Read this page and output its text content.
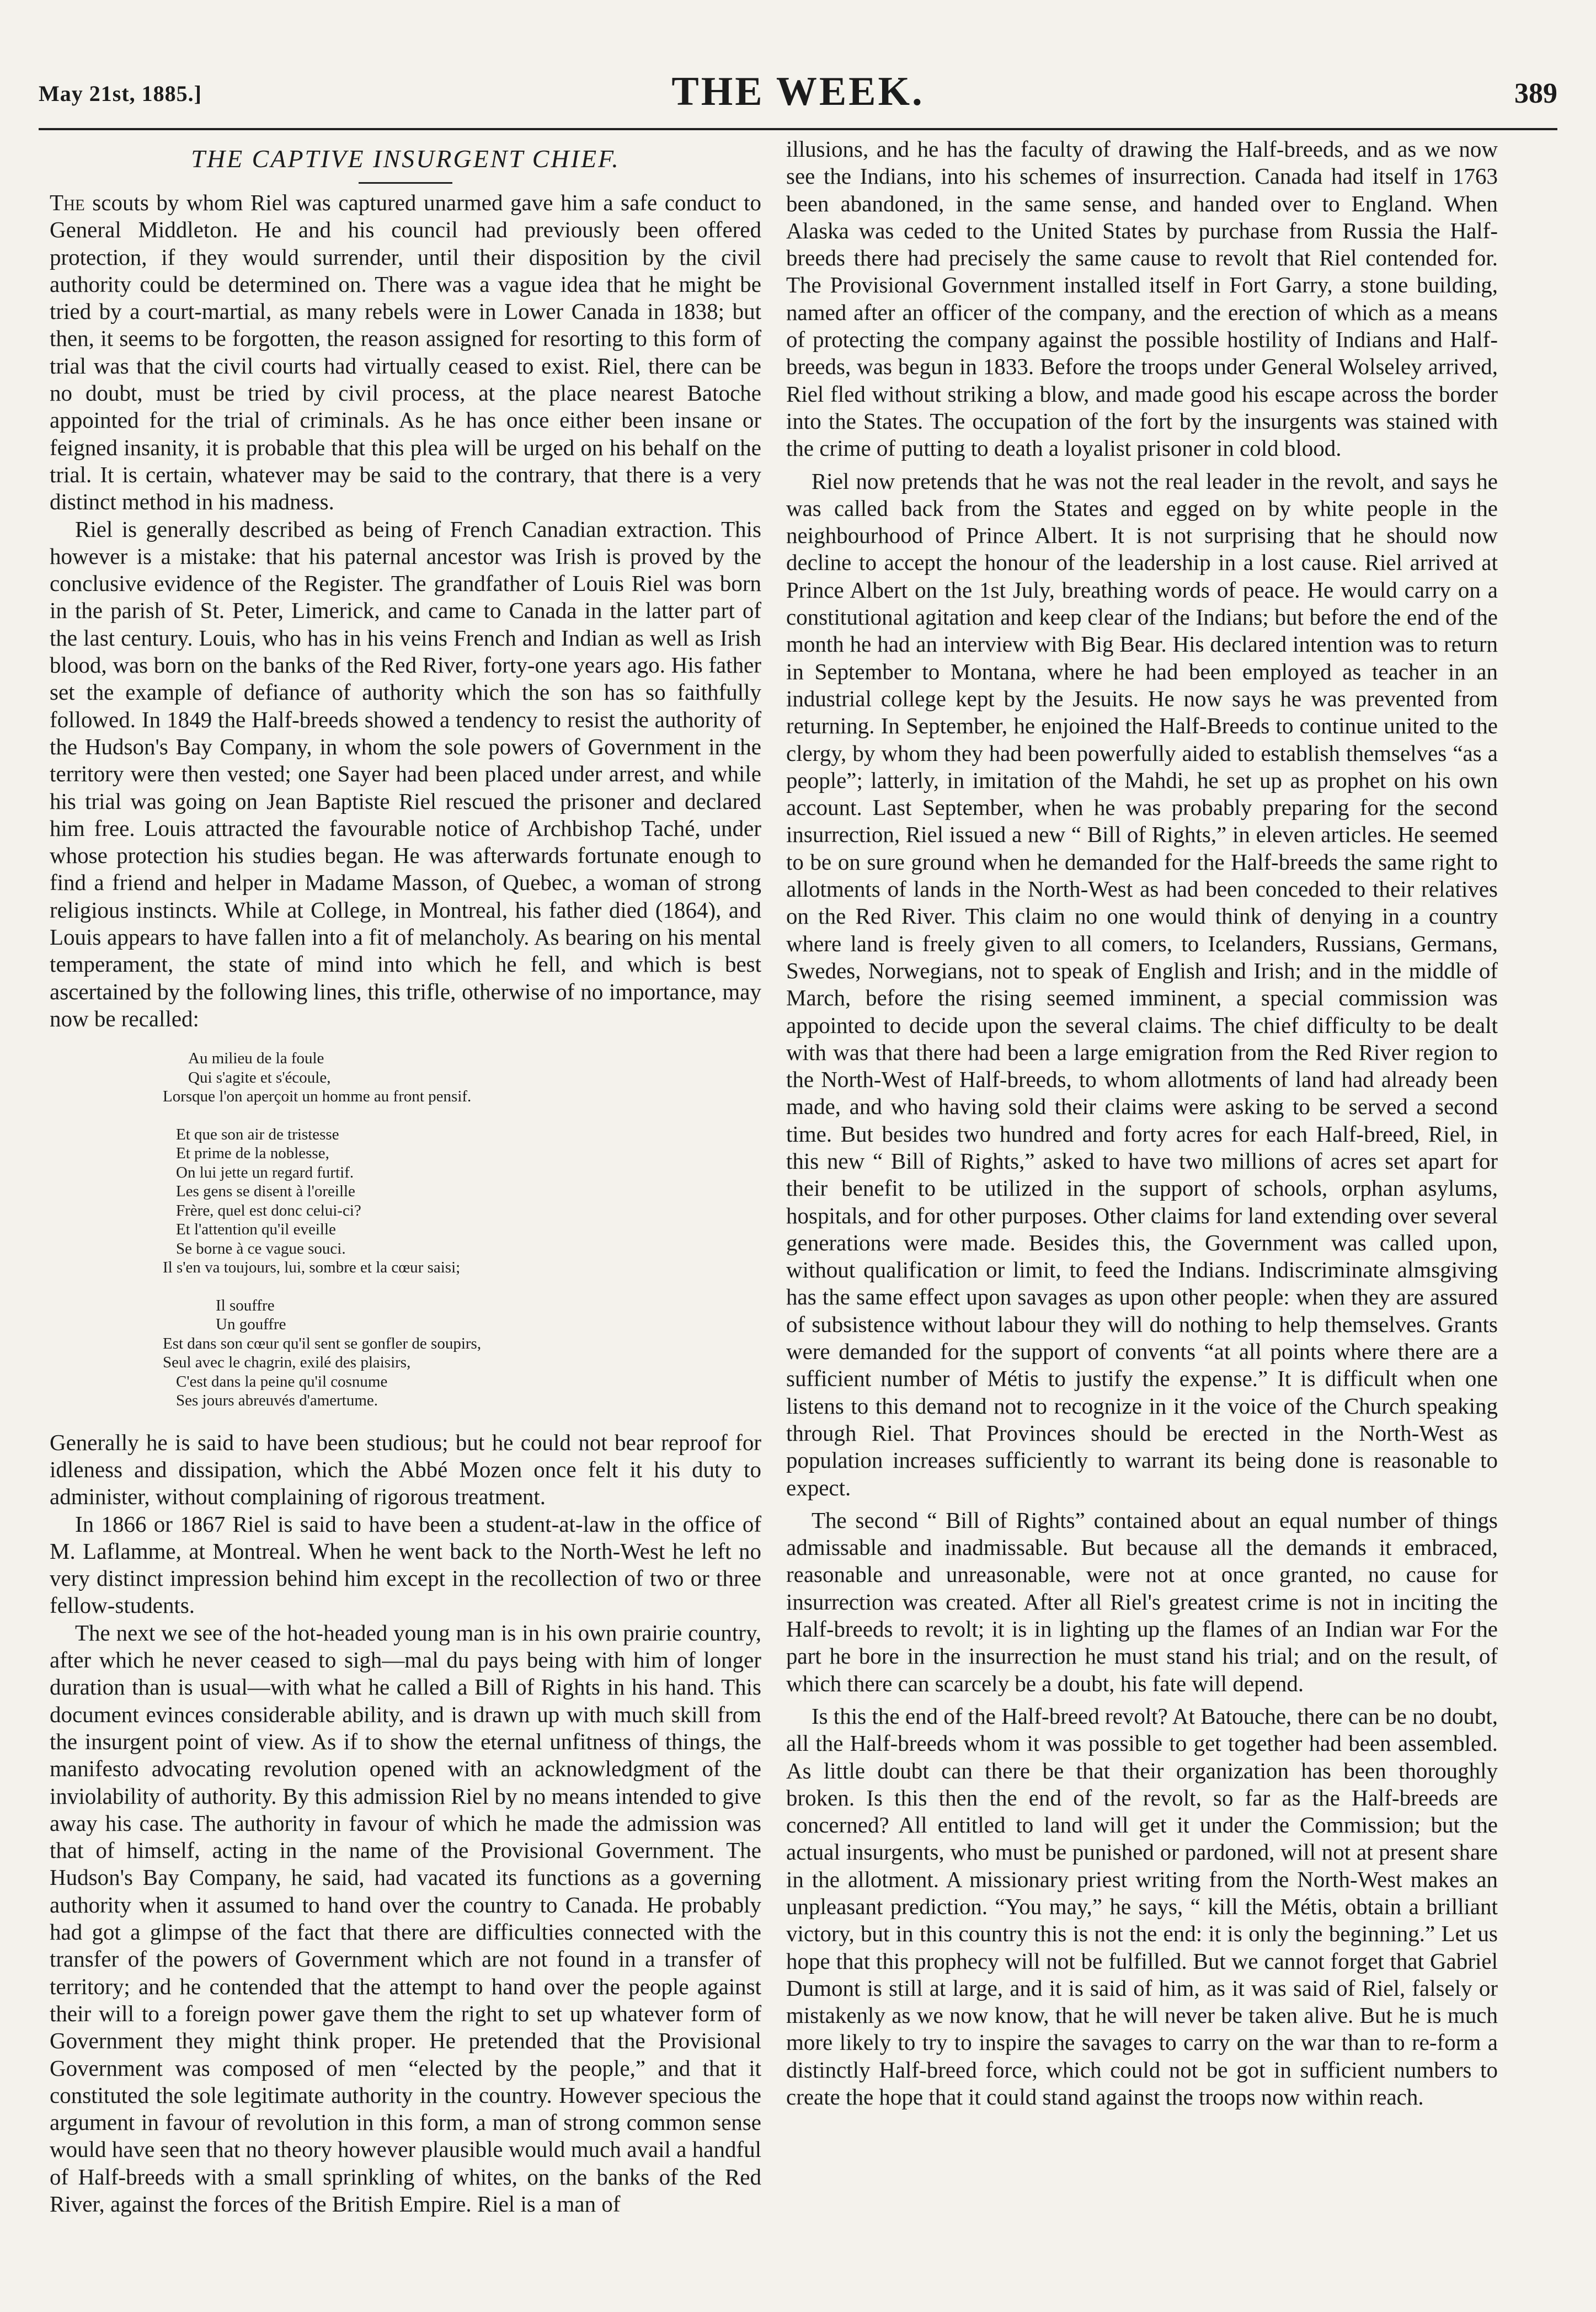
May 21st, 1885.]	THE WEEK.	389
THE CAPTIVE INSURGENT CHIEF.

The scouts by whom Riel was captured unarmed gave him a safe conduct to General Middleton. He and his council had previously been offered protection, if they would surrender, until their disposition by the civil authority could be determined on. There was a vague idea that he might be tried by a court-martial, as many rebels were in Lower Canada in 1838; but then, it seems to be forgotten, the reason assigned for resorting to this form of trial was that the civil courts had virtually ceased to exist. Riel, there can be no doubt, must be tried by civil process, at the place nearest Batoche appointed for the trial of criminals. As he has once either been insane or feigned insanity, it is probable that this plea will be urged on his behalf on the trial. It is certain, whatever may be said to the contrary, that there is a very distinct method in his madness.

Riel is generally described as being of French Canadian extraction. This however is a mistake: that his paternal ancestor was Irish is proved by the conclusive evidence of the Register. The grandfather of Louis Riel was born in the parish of St. Peter, Limerick, and came to Canada in the latter part of the last century. Louis, who has in his veins French and Indian as well as Irish blood, was born on the banks of the Red River, forty-one years ago. His father set the example of defiance of authority which the son has so faithfully followed. In 1849 the Half-breeds showed a tendency to resist the authority of the Hudson's Bay Company, in whom the sole powers of Government in the territory were then vested; one Sayer had been placed under arrest, and while his trial was going on Jean Baptiste Riel rescued the prisoner and declared him free. Louis attracted the favourable notice of Archbishop Taché, under whose protection his studies began. He was afterwards fortunate enough to find a friend and helper in Madame Masson, of Quebec, a woman of strong religious instincts. While at College, in Montreal, his father died (1864), and Louis appears to have fallen into a fit of melancholy. As bearing on his mental temperament, the state of mind into which he fell, and which is best ascertained by the following lines, this trifle, otherwise of no importance, may now be recalled:

Au milieu de la foule
Qui s'agite et s'écoule,
Lorsque l'on aperçoit un homme au front pensif.
Et que son air de tristesse
Et prime de la noblesse,
On lui jette un regard furtif.
Les gens se disent à l'oreille
Frère, quel est donc celui-ci?
Et l'attention qu'il eveille
Se borne à ce vague souci.
Il s'en va toujours, lui, sombre et la cœur saisi;
Il souffre
Un gouffre
Est dans son cœur qu'il sent se gonfler de soupirs,
Seul avec le chagrin, exilé des plaisirs,
C'est dans la peine qu'il cosnume
Ses jours abreuvés d'amertume.

Generally he is said to have been studious; but he could not bear reproof for idleness and dissipation, which the Abbé Mozen once felt it his duty to administer, without complaining of rigorous treatment.

In 1866 or 1867 Riel is said to have been a student-at-law in the office of M. Laflamme, at Montreal. When he went back to the North-West he left no very distinct impression behind him except in the recollection of two or three fellow-students.

The next we see of the hot-headed young man is in his own prairie country, after which he never ceased to sigh—mal du pays being with him of longer duration than is usual—with what he called a Bill of Rights in his hand. This document evinces considerable ability, and is drawn up with much skill from the insurgent point of view. As if to show the eternal unfitness of things, the manifesto advocating revolution opened with an acknowledgment of the inviolability of authority. By this admission Riel by no means intended to give away his case. The authority in favour of which he made the admission was that of himself, acting in the name of the Provisional Government. The Hudson's Bay Company, he said, had vacated its functions as a governing authority when it assumed to hand over the country to Canada. He probably had got a glimpse of the fact that there are difficulties connected with the transfer of the powers of Government which are not found in a transfer of territory; and he contended that the attempt to hand over the people against their will to a foreign power gave them the right to set up whatever form of Government they might think proper. He pretended that the Provisional Government was composed of men “elected by the people,” and that it constituted the sole legitimate authority in the country. However specious the argument in favour of revolution in this form, a man of strong common sense would have seen that no theory however plausible would much avail a handful of Half-breeds with a small sprinkling of whites, on the banks of the Red River, against the forces of the British Empire. Riel is a man of

illusions, and he has the faculty of drawing the Half-breeds, and as we now see the Indians, into his schemes of insurrection. Canada had itself in 1763 been abandoned, in the same sense, and handed over to England. When Alaska was ceded to the United States by purchase from Russia the Half-breeds there had precisely the same cause to revolt that Riel contended for. The Provisional Government installed itself in Fort Garry, a stone building, named after an officer of the company, and the erection of which as a means of protecting the company against the possible hostility of Indians and Half-breeds, was begun in 1833. Before the troops under General Wolseley arrived, Riel fled without striking a blow, and made good his escape across the border into the States. The occupation of the fort by the insurgents was stained with the crime of putting to death a loyalist prisoner in cold blood.

Riel now pretends that he was not the real leader in the revolt, and says he was called back from the States and egged on by white people in the neighbourhood of Prince Albert. It is not surprising that he should now decline to accept the honour of the leadership in a lost cause. Riel arrived at Prince Albert on the 1st July, breathing words of peace. He would carry on a constitutional agitation and keep clear of the Indians; but before the end of the month he had an interview with Big Bear. His declared intention was to return in September to Montana, where he had been employed as teacher in an industrial college kept by the Jesuits. He now says he was prevented from returning. In September, he enjoined the Half-Breeds to continue united to the clergy, by whom they had been powerfully aided to establish themselves “as a people”; latterly, in imitation of the Mahdi, he set up as prophet on his own account. Last September, when he was probably preparing for the second insurrection, Riel issued a new “ Bill of Rights,” in eleven articles. He seemed to be on sure ground when he demanded for the Half-breeds the same right to allotments of lands in the North-West as had been conceded to their relatives on the Red River. This claim no one would think of denying in a country where land is freely given to all comers, to Icelanders, Russians, Germans, Swedes, Norwegians, not to speak of English and Irish; and in the middle of March, before the rising seemed imminent, a special commission was appointed to decide upon the several claims. The chief difficulty to be dealt with was that there had been a large emigration from the Red River region to the North-West of Half-breeds, to whom allotments of land had already been made, and who having sold their claims were asking to be served a second time. But besides two hundred and forty acres for each Half-breed, Riel, in this new “ Bill of Rights,” asked to have two millions of acres set apart for their benefit to be utilized in the support of schools, orphan asylums, hospitals, and for other purposes. Other claims for land extending over several generations were made. Besides this, the Government was called upon, without qualification or limit, to feed the Indians. Indiscriminate almsgiving has the same effect upon savages as upon other people: when they are assured of subsistence without labour they will do nothing to help themselves. Grants were demanded for the support of convents “at all points where there are a sufficient number of Métis to justify the expense.” It is difficult when one listens to this demand not to recognize in it the voice of the Church speaking through Riel. That Provinces should be erected in the North-West as population increases sufficiently to warrant its being done is reasonable to expect.

The second “ Bill of Rights” contained about an equal number of things admissable and inadmissable. But because all the demands it embraced, reasonable and unreasonable, were not at once granted, no cause for insurrection was created. After all Riel's greatest crime is not in inciting the Half-breeds to revolt; it is in lighting up the flames of an Indian war For the part he bore in the insurrection he must stand his trial; and on the result, of which there can scarcely be a doubt, his fate will depend.

Is this the end of the Half-breed revolt? At Batouche, there can be no doubt, all the Half-breeds whom it was possible to get together had been assembled. As little doubt can there be that their organization has been thoroughly broken. Is this then the end of the revolt, so far as the Half-breeds are concerned? All entitled to land will get it under the Commission; but the actual insurgents, who must be punished or pardoned, will not at present share in the allotment. A missionary priest writing from the North-West makes an unpleasant prediction. “You may,” he says, “ kill the Métis, obtain a brilliant victory, but in this country this is not the end: it is only the beginning.” Let us hope that this prophecy will not be fulfilled. But we cannot forget that Gabriel Dumont is still at large, and it is said of him, as it was said of Riel, falsely or mistakenly as we now know, that he will never be taken alive. But he is much more likely to try to inspire the savages to carry on the war than to re-form a distinctly Half-breed force, which could not be got in sufficient numbers to create the hope that it could stand against the troops now within reach.
